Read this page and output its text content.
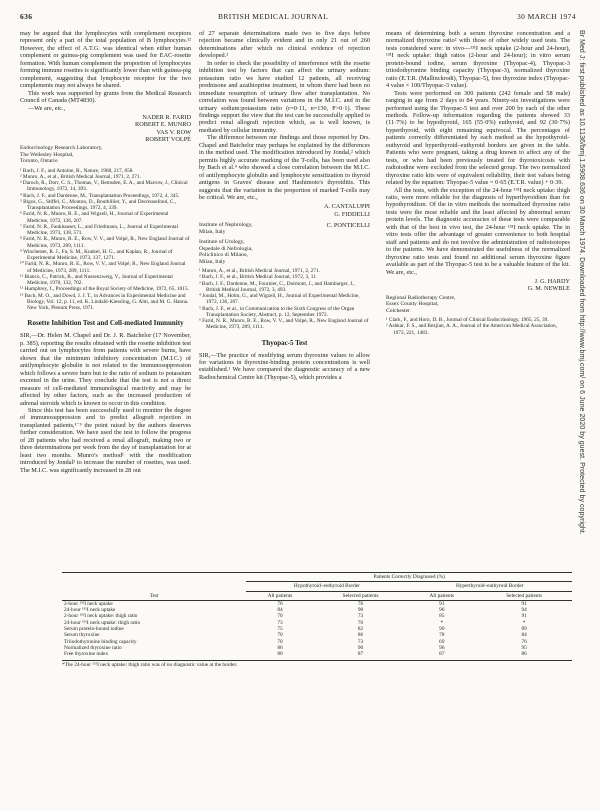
636	BRITISH MEDICAL JOURNAL	30 MARCH 1974

may be argued that the lymphocytes with complement receptors represent only a part of the total population of B lymphocytes.¹² However, the effect of A.T.G. was identical when either human complement or guinea-pig complement was used for EAC-rosette formation. With human complement the proportion of lymphocytes forming immune rosettes is significantly lower than with guinea-pig complement, suggesting that lymphocyte receptor for the two complements may not always be shared.

This work was supported by grants from the Medical Research Council of Canada (MT4830).

—We are, etc.,

NADER R. FARID
ROBERT E. MUNRO
VAS V. ROW
ROBERT VOLPÉ
Endocrinology Research Laboratory,
The Wellesley Hospital,
Toronto, Ontario
¹ Bach, J. F., and Antoine, B., Nature, 1968, 217, 658.
² Munro, A., et al., British Medical Journal, 1971, 2, 271.
³ Daroch, R., Dorr, C. S., Thomas, V., Remsden, E. A., and Marrow, J., Clinical Immunology, 1972, 14, 393.
⁴ Bach, J. F., and Dardenne, M., Transplantation Proceedings, 1972, 4, 345.
⁵ Bigos, G., Stiffel, C., Mouton, D., Bouthillier, Y., and Decreusefond, C., Transplantation Proceedings, 1972, 4, 339.
⁶ Farid, N. R., Munro, R. E., and Wigzell, H., Journal of Experimental Medicine, 1972, 136, 207.
⁷ Farid, N. R., Fankhauser, L., and Friedmann, L., Journal of Experimental Medicine, 1973, 138, 571.
⁸ Farid, N. R., Munro, R. E., Row, V. V., and Volpé, R., New England Journal of Medicine, 1973, 289, 1111.
⁹ Winchester, R. J., Fu, S. M., Kunkel, H. G., and Kaplan, R., Journal of Experimental Medicine, 1973, 137, 1271.
¹⁰ Farid, N. R., Munro, R. E., Row, V. V., and Volpé, R., New England Journal of Medicine, 1973, 289, 1111.
¹¹ Bianco, C., Patrick, R., and Nussenzweig, V., Journal of Experimental Medicine, 1970, 132, 702.
¹² Humphrey, J., Proceedings of the Royal Society of Medicine, 1972, 65, 1015.
¹³ Bach, M. O., and Dowd, J. J. T., in Advances in Experimental Medicine and Biology, Vol. 12, p. 11, ed. K. Lindahl-Kiessling, G. Alm, and M. G. Hanna. New York, Plenum Press, 1971.
Rosette Inhibition Test and Cell-mediated Immunity

SIR,—Dr. Helen M. Chapel and Dr. J. R. Batchelor (17 November, p. 385), reporting the results obtained with the rosette inhibition test carried out on lymphocytes from patients with severe burns, have shown that the minimum inhibitory concentration (M.I.C.) of antilymphocyte globulin is not related to the immunosuppression which follows a severe burn but to the ratio of sodium to potassium excreted in the urine. They conclude that the test is not a direct measure of cell-mediated immunological reactivity and may be affected by other factors, such as the increased production of adrenal steroids which is known to occur in this condition.

Since this test has been successfully used to monitor the degree of immunosuppression and to predict allograft rejection in transplanted patients,¹⁻³ the point raised by the authors deserves further consideration. We have used the test to follow the progress of 28 patients who had received a renal allograft, making two or three determinations per week from the day of transplantation for at least two months. Munro's method¹ with the modification introduced by Jondal² to increase the number of rosettes, was used. The M.I.C. was significantly increased in 28 out

of 27 separate determinations made two to five days before rejection became clinically evident and in only 21 out of 260 determinations after which no clinical evidence of rejection developed.²

In order to check the possibility of interference with the rosette inhibition test by factors that can affect the urinary sodium: potassium ratio we have studied 12 patients, all receiving prednisone and azathioprine treatment, in whom there had been no immediate resumption of urinary flow after transplantation. No correlation was found between variations in the M.I.C. and in the urinary sodium:potassium ratio (r=0·11, n=130, P>0·1). These findings support the view that the test can be successfully applied to predict renal allograft rejection which, as is well known, is mediated by cellular immunity.

The difference between our findings and those reported by Drs. Chapel and Batchelor may perhaps be explained by the differences in the method used. The modification introduced by Jondal,² which permits highly accurate marking of the T-cells, has been used also by Bach et al.⁴ who showed a close correlation between the M.I.C. of antilymphocyte globulin and lymphocyte sensitization to thyroid antigens in Graves' disease and Hashimoto's thyroiditis. This suggests that the variation in the proportion of marked T-cells may be critical. We are, etc.,

A. CANTALUPPI
G. FIDDELLI
Institute of Nephrology,
Milan, Italy
C. PONTICELLI
Institute of Urology,
Ospedale di Nefrologia,
Policlinico di Milano,
Milan, Italy
¹ Munro, A., et al., British Medical Journal, 1971, 2, 271.
² Bach, J. F., et al., British Medical Journal, 1972, 3, 11.
³ Bach, J. F., Dardenne, M., Fournier, C., Dormont, J., and Hamburger, J., British Medical Journal, 1972, 3, 493.
⁴ Jondal, M., Holm, G., and Wigzell, H., Journal of Experimental Medicine, 1972, 136, 207.
⁵ Bach, J. F., et al., in Communication to the Sixth Congress of the Organ Transplantation Society, Abstract, p. 12, September 1972.
⁶ Farid, N. R., Munro, R. E., Row, V. V., and Volpé, R., New England Journal of Medicine, 1973, 289, 1111.
Thyopac-5 Test

SIR,—The practice of modifying serum thyroxine values to allow for variations in thyroxine-binding protein concentrations is well established.¹ We have compared the diagnostic accuracy of a new Radiochemical Centre kit (Thyopac-5), which provides a

means of determining both a serum thyroxine concentration and a normalized thyroxine ratio² with those of other widely used tests. The tests considered were: in vivo—¹³¹I neck uptake (2-hour and 24-hour), ¹³¹I neck uptake: thigh ratios (2-hour and 24-hour); in vitro serum protein-bound iodine, serum thyroxine (Thyopac-4), Thyopac-3 triiodothyronine binding capacity (Thyopac-3), normalized thyroxine ratio (E.T.R. (Mallinckrodt), Thyopac-5), free thyroxine index (Thyopac-4 value × 100/Thyopac-3 value).

Tests were performed on 300 patients (242 female and 58 male) ranging in age from 2 days to 84 years. Ninety-six investigations were performed using the Thyopac-5 test and over 200 by each of the other methods. Follow-up information regarding the patients showed 33 (11·7%) to be hypothyroid, 165 (55·0%) euthyroid, and 92 (30·7%) hyperthyroid, with eight remaining equivocal. The percentages of patients correctly differentiated by each method as the hypothyroid–euthyroid and hyperthyroid–euthyroid borders are given in the table. Patients who were pregnant, taking a drug known to affect any of the tests, or who had been previously treated for thyrotoxicosis with radioiodine were excluded from the selected group. The two normalized thyroxine ratio kits were of equivalent reliability, their test values being related by the equation: Thyopac-5 value = 0·65 (E.T.R. value) + 0·39.

All the tests, with the exception of the 24-hour ¹³¹I neck uptake: thigh ratio, were more reliable for the diagnosis of hyperthyroidism than for hypothyroidism. Of the in vitro methods the normalized thyroxine ratio tests were the most reliable and the least affected by abnormal serum protein levels. The diagnostic accuracies of these tests were comparable with that of the best in vivo test, the 24-hour ¹³¹I neck uptake. The in vitro tests offer the advantage of greater convenience to both hospital staff and patients and do not involve the administration of radioisotopes to the patients. We have demonstrated the usefulness of the normalized thyroxine ratio tests and found no additional serum thyroxine figure available as part of the Thyopac-5 test to be a valuable feature of the kit. We are, etc.,

J. G. HARDY
G. M. NEWBLE
Regional Radiotherapy Centre,
Essex County Hospital,
Colchester
¹ Clark, F., and Horn, D. B., Journal of Clinical Endocrinology, 1965, 25, 39.
² Ashkar, F. S., and Bezjian, A. A., Journal of the American Medical Association, 1972, 221, 1483.
Test	Patients Correctly Diagnosed (%)			
	Hypothyroid–euthyroid Border		Hyperthyroid–euthyroid Border	
	All patients	Selected patients	All patients	Selected patients
2-hour ¹³¹I neck uptake	76	76	91	91
24-hour ¹³¹I neck uptake	84	90	96	94
2-hour ¹³¹I neck uptake: thigh ratio	70	73	85	91
24-hour ¹³¹I neck uptake: thigh ratio	73	76	*	*
Serum protein-bound iodine	75	82	90	89
Serum thyroxine	70	86	78	84
Triiodothyronine binding capacity	70	73	69	76
Normalized thyroxine ratio	86	90	96	95
Free thyroxine index	80	87	87	86
*The 24-hour ¹³¹I neck uptake: thigh ratio was of no diagnostic value at the border.
Br Med J: first published as 10.1136/bmj.1.5908.636 on 30 March 1974. Downloaded from http://www.bmj.com/ on 6 June 2020 by guest. Protected by copyright.
